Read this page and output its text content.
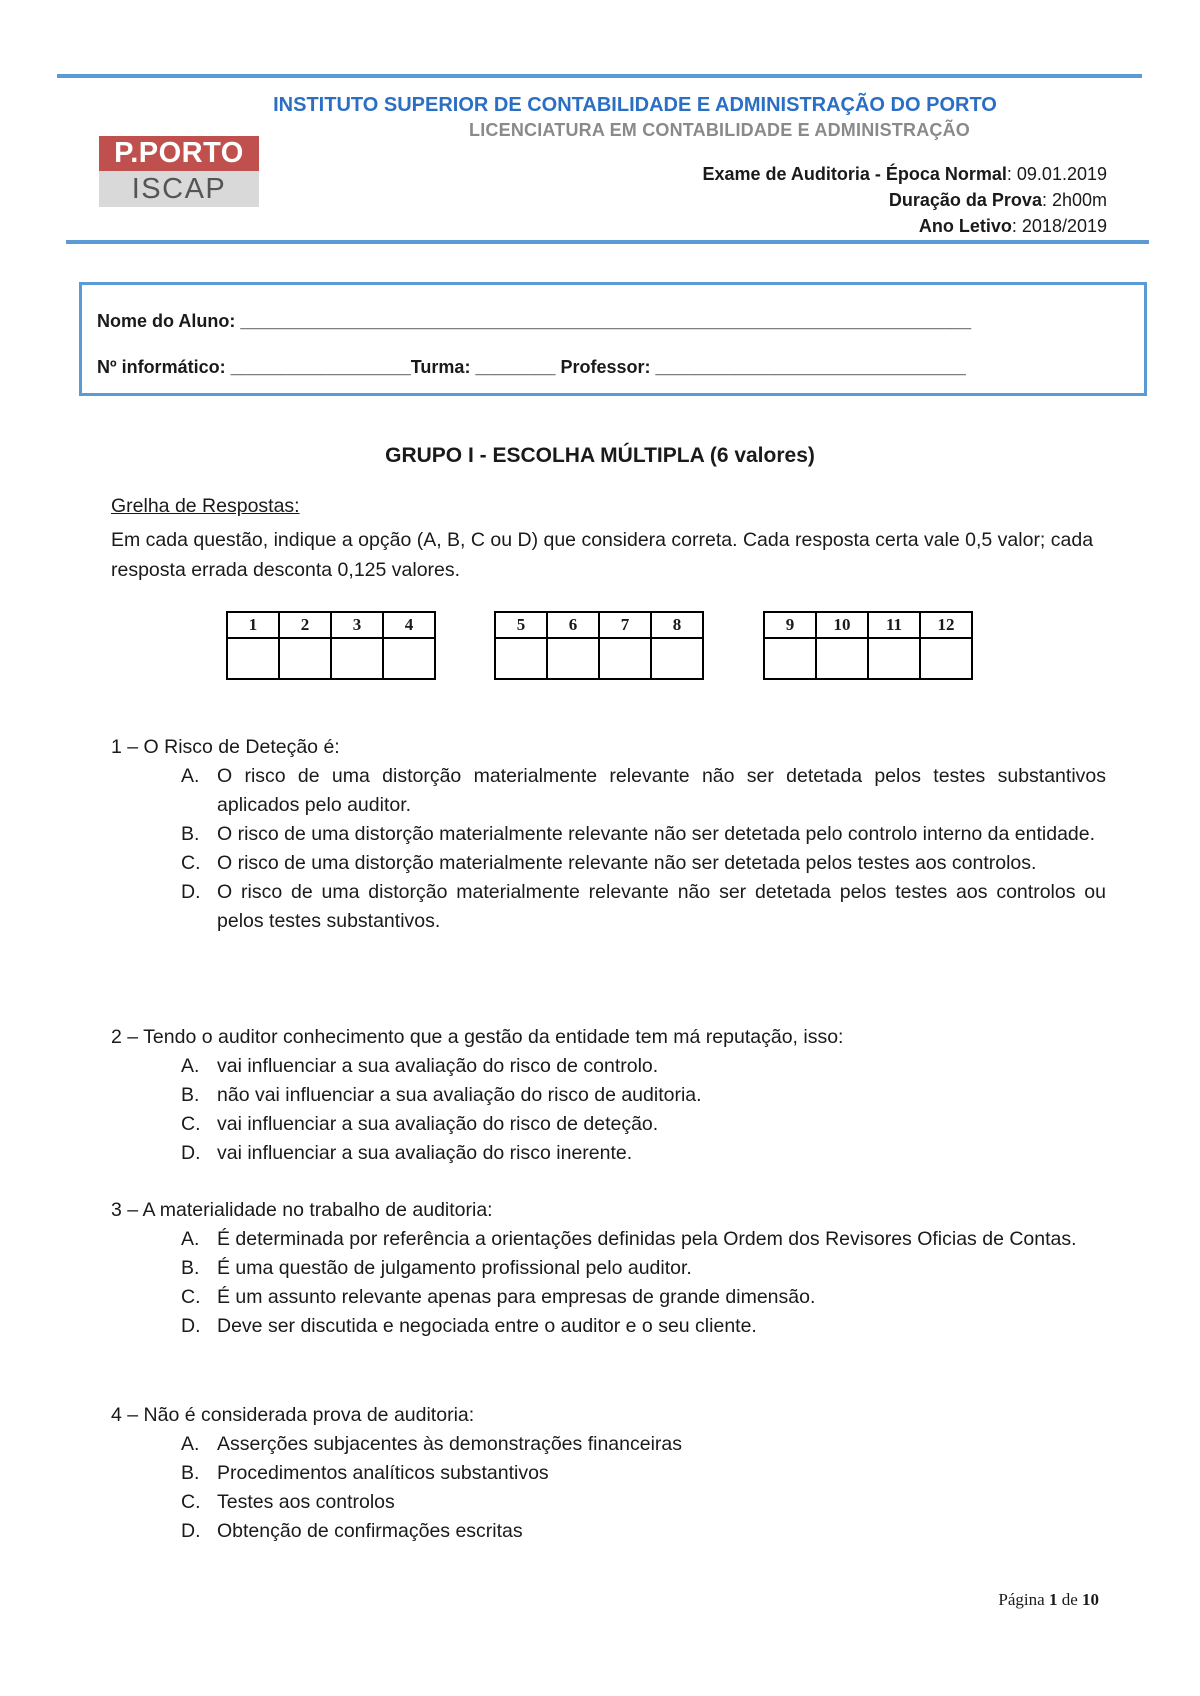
INSTITUTO SUPERIOR DE CONTABILIDADE E ADMINISTRAÇÃO DO PORTO
LICENCIATURA EM CONTABILIDADE E ADMINISTRAÇÃO
P.PORTO
ISCAP	Exame de Auditoria - Época Normal: 09.01.2019
Duração da Prova: 2h00m
Ano Letivo: 2018/2019
Nome do Aluno: _________________________________________________________________________
Nº informático: __________________Turma: ________ Professor: _______________________________
GRUPO I - ESCOLHA MÚLTIPLA (6 valores)
Grelha de Respostas:
Em cada questão, indique a opção (A, B, C ou D) que considera correta. Cada resposta certa vale 0,5 valor; cada resposta errada desconta 0,125 valores.
1	2	3	4
				5	6	7	8
				9	10	11	12

1 – O Risco de Deteção é:
A. O risco de uma distorção materialmente relevante não ser detetada pelos testes substantivos aplicados pelo auditor.
B. O risco de uma distorção materialmente relevante não ser detetada pelo controlo interno da entidade.
C. O risco de uma distorção materialmente relevante não ser detetada pelos testes aos controlos.
D. O risco de uma distorção materialmente relevante não ser detetada pelos testes aos controlos ou pelos testes substantivos.
2 – Tendo o auditor conhecimento que a gestão da entidade tem má reputação, isso:
A. vai influenciar a sua avaliação do risco de controlo.
B. não vai influenciar a sua avaliação do risco de auditoria.
C. vai influenciar a sua avaliação do risco de deteção.
D. vai influenciar a sua avaliação do risco inerente.
3 – A materialidade no trabalho de auditoria:
A. É determinada por referência a orientações definidas pela Ordem dos Revisores Oficias de Contas.
B. É uma questão de julgamento profissional pelo auditor.
C. É um assunto relevante apenas para empresas de grande dimensão.
D. Deve ser discutida e negociada entre o auditor e o seu cliente.
4 – Não é considerada prova de auditoria:
A. Asserções subjacentes às demonstrações financeiras
B. Procedimentos analíticos substantivos
C. Testes aos controlos
D. Obtenção de confirmações escritas
Página 1 de 10
